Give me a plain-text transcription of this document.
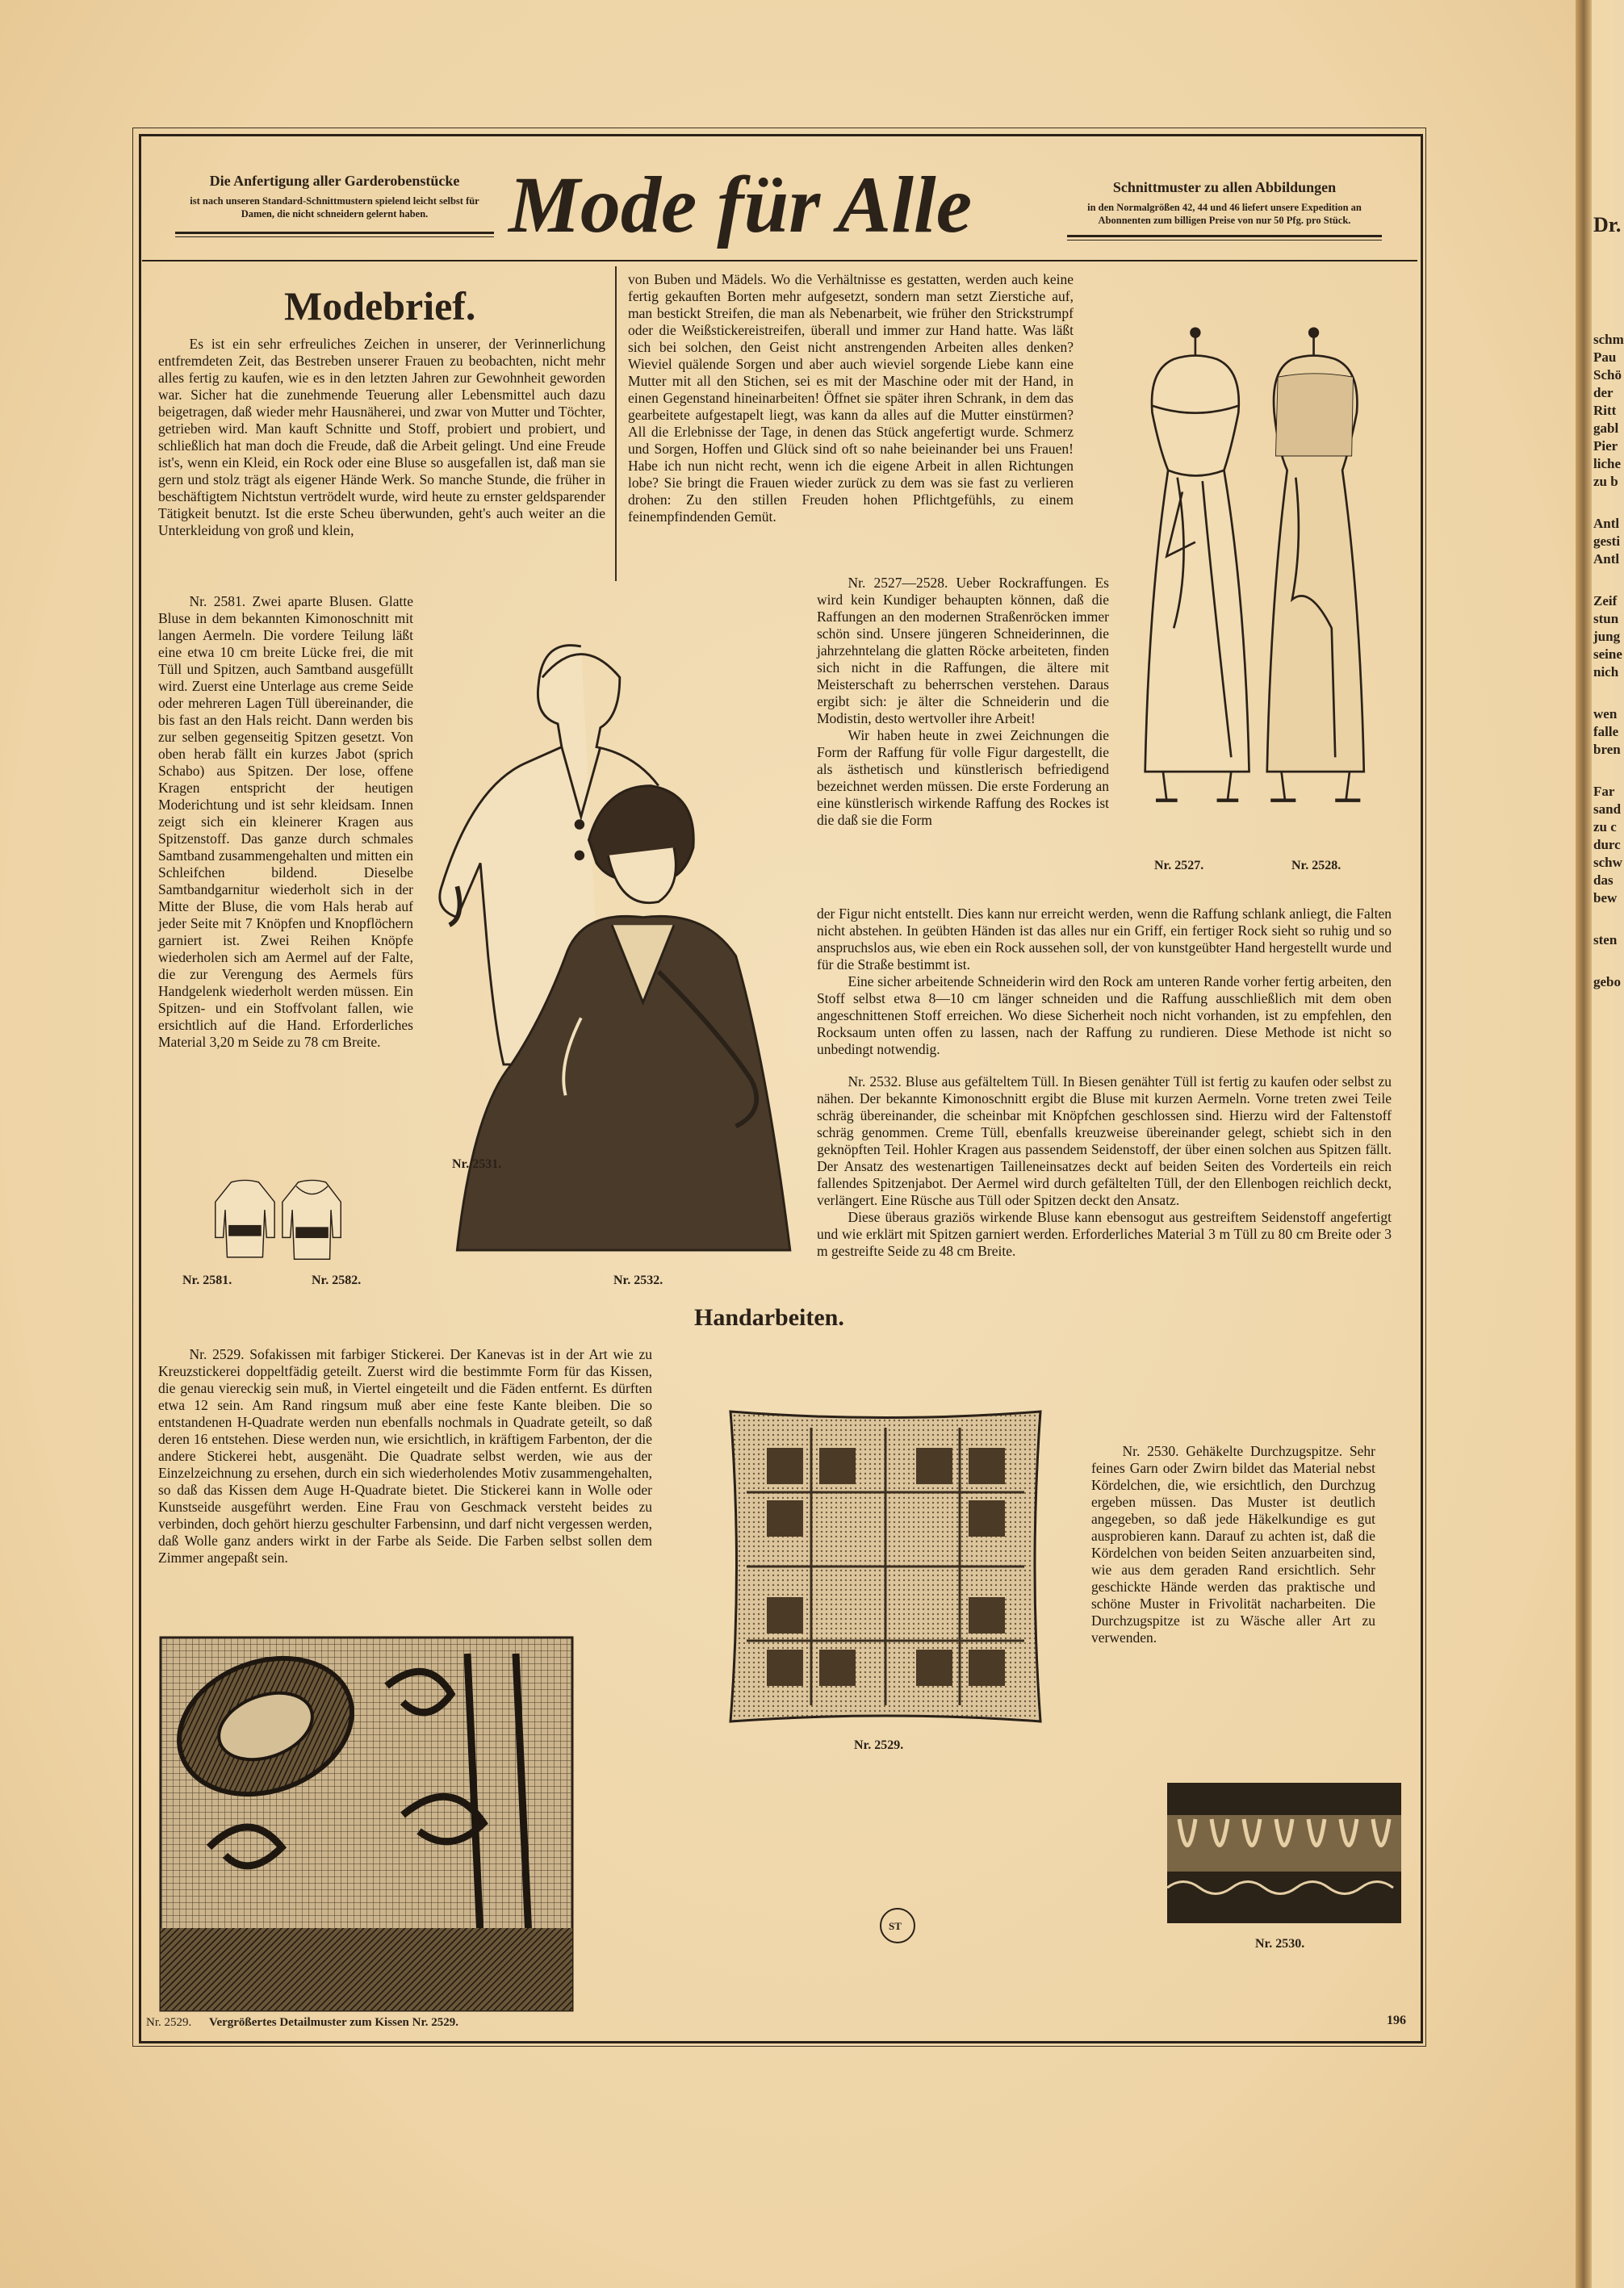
Die Anfertigung aller Garderobenstücke
ist nach unseren Standard-Schnittmustern spielend leicht selbst für Damen, die nicht schneidern gelernt haben. Mode für Alle	Schnittmuster zu allen Abbildungen
in den Normalgrößen 42, 44 und 46 liefert unsere Expedition an Abonnenten zum billigen Preise von nur 50 Pfg. pro Stück.
Modebrief.

Es ist ein sehr erfreuliches Zeichen in unserer, der Verinnerlichung entfremdeten Zeit, das Bestreben unserer Frauen zu beobachten, nicht mehr alles fertig zu kaufen, wie es in den letzten Jahren zur Gewohnheit geworden war. Sicher hat die zunehmende Teuerung aller Lebensmittel auch dazu beigetragen, daß wieder mehr Hausnäherei, und zwar von Mutter und Töchter, getrieben wird. Man kauft Schnitte und Stoff, probiert und probiert, und schließlich hat man doch die Freude, daß die Arbeit gelingt. Und eine Freude ist's, wenn ein Kleid, ein Rock oder eine Bluse so ausgefallen ist, daß man sie gern und stolz trägt als eigener Hände Werk. So manche Stunde, die früher in beschäftigtem Nichtstun vertrödelt wurde, wird heute zu ernster geldsparender Tätigkeit benutzt. Ist die erste Scheu überwunden, geht's auch weiter an die Unterkleidung von groß und klein,

von Buben und Mädels. Wo die Verhältnisse es gestatten, werden auch keine fertig gekauften Borten mehr aufgesetzt, sondern man setzt Zierstiche auf, man bestickt Streifen, die man als Nebenarbeit, wie früher den Strickstrumpf oder die Weißstickereistreifen, überall und immer zur Hand hatte. Was läßt sich bei solchen, den Geist nicht anstrengenden Arbeiten alles denken? Wieviel quälende Sorgen und aber auch wieviel sorgende Liebe kann eine Mutter mit all den Stichen, sei es mit der Maschine oder mit der Hand, in einen Gegenstand hineinarbeiten! Öffnet sie später ihren Schrank, in dem das gearbeitete aufgestapelt liegt, was kann da alles auf die Mutter einstürmen? All die Erlebnisse der Tage, in denen das Stück angefertigt wurde. Schmerz und Sorgen, Hoffen und Glück sind oft so nahe beieinander bei uns Frauen! Habe ich nun nicht recht, wenn ich die eigene Arbeit in allen Richtungen lobe? Sie bringt die Frauen wieder zurück zu dem was sie fast zu verlieren drohen: Zu den stillen Freuden hohen Pflichtgefühls, zu einem feinempfindenden Gemüt.

Nr. 2527.	Nr. 2528.

Nr. 2581. Zwei aparte Blusen. Glatte Bluse in dem bekannten Kimonoschnitt mit langen Aermeln. Die vordere Teilung läßt eine etwa 10 cm breite Lücke frei, die mit Tüll und Spitzen, auch Samtband ausgefüllt wird. Zuerst eine Unterlage aus creme Seide oder mehreren Lagen Tüll übereinander, die bis fast an den Hals reicht. Dann werden bis zur selben gegenseitig Spitzen gesetzt. Von oben herab fällt ein kurzes Jabot (sprich Schabo) aus Spitzen. Der lose, offene Kragen entspricht der heutigen Moderichtung und ist sehr kleidsam. Innen zeigt sich ein kleinerer Kragen aus Spitzenstoff. Das ganze durch schmales Samtband zusammengehalten und mitten ein Schleifchen bildend. Dieselbe Samtbandgarnitur wiederholt sich in der Mitte der Bluse, die vom Hals herab auf jeder Seite mit 7 Knöpfen und Knopflöchern garniert ist. Zwei Reihen Knöpfe wiederholen sich am Aermel auf der Falte, die zur Verengung des Aermels fürs Handgelenk wiederholt werden müssen. Ein Spitzen- und ein Stoffvolant fallen, wie ersichtlich auf die Hand. Erforderliches Material 3,20 m Seide zu 78 cm Breite.

Nr. 2531.
Nr. 2532.
Nr. 2581.	Nr. 2582.

Nr. 2527—2528. Ueber Rockraffungen. Es wird kein Kundiger behaupten können, daß die Raffungen an den modernen Straßenröcken immer schön sind. Unsere jüngeren Schneiderinnen, die jahrzehntelang die glatten Röcke arbeiteten, finden sich nicht in die Raffungen, die ältere mit Meisterschaft zu beherrschen verstehen. Daraus ergibt sich: je älter die Schneiderin und die Modistin, desto wertvoller ihre Arbeit!

Wir haben heute in zwei Zeichnungen die Form der Raffung für volle Figur dargestellt, die als ästhetisch und künstlerisch befriedigend bezeichnet werden müssen. Die erste Forderung an eine künstlerisch wirkende Raffung des Rockes ist die daß sie die Form

der Figur nicht entstellt. Dies kann nur erreicht werden, wenn die Raffung schlank anliegt, die Falten nicht abstehen. In geübten Händen ist das alles nur ein Griff, ein fertiger Rock sieht so ruhig und so anspruchslos aus, wie eben ein Rock aussehen soll, der von kunstgeübter Hand hergestellt wurde und für die Straße bestimmt ist.

Eine sicher arbeitende Schneiderin wird den Rock am unteren Rande vorher fertig arbeiten, den Stoff selbst etwa 8—10 cm länger schneiden und die Raffung ausschließlich mit dem oben angeschnittenen Stoff erreichen. Wo diese Sicherheit noch nicht vorhanden, ist zu empfehlen, den Rocksaum unten offen zu lassen, nach der Raffung zu rundieren. Diese Methode ist nicht so unbedingt notwendig.

Nr. 2532. Bluse aus gefälteltem Tüll. In Biesen genähter Tüll ist fertig zu kaufen oder selbst zu nähen. Der bekannte Kimonoschnitt ergibt die Bluse mit kurzen Aermeln. Vorne treten zwei Teile schräg übereinander, die scheinbar mit Knöpfchen geschlossen sind. Hierzu wird der Faltenstoff schräg genommen. Creme Tüll, ebenfalls kreuzweise übereinander gelegt, schiebt sich in den geknöpften Teil. Hohler Kragen aus passendem Seidenstoff, der über einen solchen aus Spitzen fällt. Der Ansatz des westenartigen Tailleneinsatzes deckt auf beiden Seiten des Vorderteils ein reich fallendes Spitzenjabot. Der Aermel wird durch gefältelten Tüll, der den Ellenbogen reichlich deckt, verlängert. Eine Rüsche aus Tüll oder Spitzen deckt den Ansatz.

Diese überaus graziös wirkende Bluse kann ebensogut aus gestreiftem Seidenstoff angefertigt und wie erklärt mit Spitzen garniert werden. Erforderliches Material 3 m Tüll zu 80 cm Breite oder 3 m gestreifte Seide zu 48 cm Breite.

Handarbeiten.

Nr. 2529. Sofakissen mit farbiger Stickerei. Der Kanevas ist in der Art wie zu Kreuzstickerei doppeltfädig geteilt. Zuerst wird die bestimmte Form für das Kissen, die genau viereckig sein muß, in Viertel eingeteilt und die Fäden entfernt. Es dürften etwa 12 sein. Am Rand ringsum muß aber eine feste Kante bleiben. Die so entstandenen H-Quadrate werden nun ebenfalls nochmals in Quadrate geteilt, so daß deren 16 entstehen. Diese werden nun, wie ersichtlich, in kräftigem Farbenton, der die andere Stickerei hebt, ausgenäht. Die Quadrate selbst werden, wie aus der Einzelzeichnung zu ersehen, durch ein sich wiederholendes Motiv zusammengehalten, so daß das Kissen dem Auge H-Quadrate bietet. Die Stickerei kann in Wolle oder Kunstseide ausgeführt werden. Eine Frau von Geschmack versteht beides zu verbinden, doch gehört hierzu geschulter Farbensinn, und darf nicht vergessen werden, daß Wolle ganz anders wirkt in der Farbe als Seide. Die Farben selbst sollen dem Zimmer angepaßt sein.

Nr. 2529.

Nr. 2530. Gehäkelte Durchzugspitze. Sehr feines Garn oder Zwirn bildet das Material nebst Kördelchen, die, wie ersichtlich, den Durchzug ergeben müssen. Das Muster ist deutlich angegeben, so daß jede Häkelkundige es gut ausprobieren kann. Darauf zu achten ist, daß die Kördelchen von beiden Seiten anzuarbeiten sind, wie aus dem geraden Rand ersichtlich. Sehr geschickte Hände werden das praktische und schöne Muster in Frivolität nacharbeiten. Die Durchzugspitze ist zu Wäsche aller Art zu verwenden.

Nr. 2530.
ST
Nr. 2529. Vergrößertes Detailmuster zum Kissen Nr. 2529.	196
Dr.
schm
Pau
Schö
der
Ritt
gabl
Pier
liche
zu b
Antl
gesti
Antl
Zeif
stun
jung
seine
nich
wen
falle
bren
Far
sand
zu c
durc
schw
das
bew
sten
gebo
